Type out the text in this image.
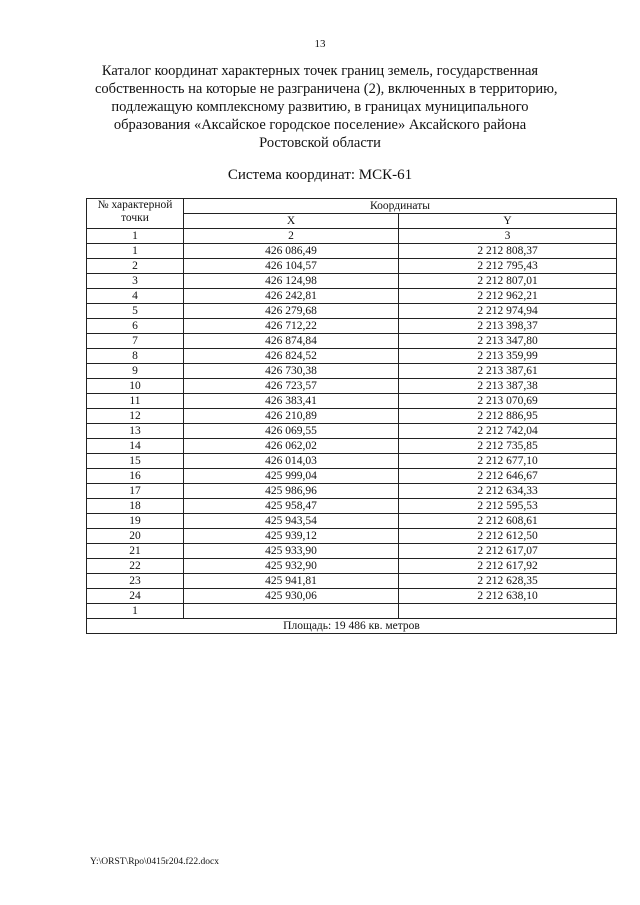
13
Каталог координат характерных точек границ земель, государственная
собственность на которые не разграничена (2), включенных в территорию,
подлежащую комплексному развитию, в границах муниципального
образования «Аксайское городское поселение» Аксайского района
Ростовской области
Система координат: МСК-61
№ характерной точки	Координаты	
	X	Y
1	2	3
1	426 086,49	2 212 808,37
2	426 104,57	2 212 795,43
3	426 124,98	2 212 807,01
4	426 242,81	2 212 962,21
5	426 279,68	2 212 974,94
6	426 712,22	2 213 398,37
7	426 874,84	2 213 347,80
8	426 824,52	2 213 359,99
9	426 730,38	2 213 387,61
10	426 723,57	2 213 387,38
11	426 383,41	2 213 070,69
12	426 210,89	2 212 886,95
13	426 069,55	2 212 742,04
14	426 062,02	2 212 735,85
15	426 014,03	2 212 677,10
16	425 999,04	2 212 646,67
17	425 986,96	2 212 634,33
18	425 958,47	2 212 595,53
19	425 943,54	2 212 608,61
20	425 939,12	2 212 612,50
21	425 933,90	2 212 617,07
22	425 932,90	2 212 617,92
23	425 941,81	2 212 628,35
24	425 930,06	2 212 638,10
1		
Площадь: 19 486 кв. метров		
Y:\ORST\Rpo\0415r204.f22.docx
